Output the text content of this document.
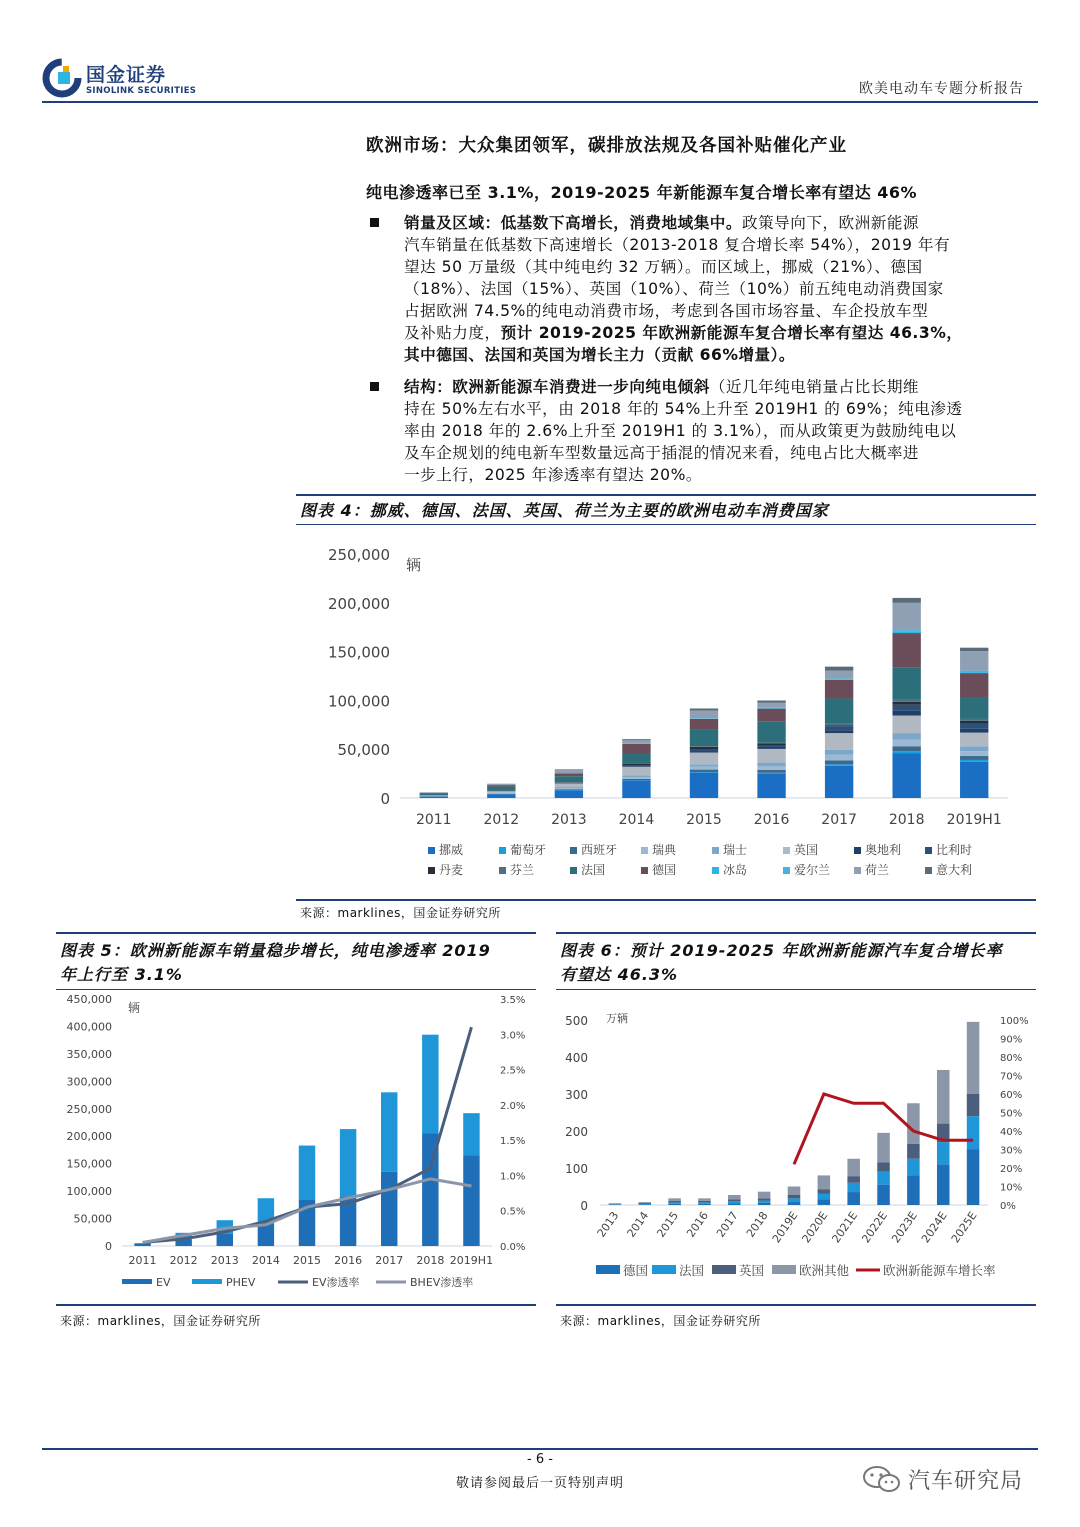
国金证券
SINOLINK SECURITIES	欧美电动车专题分析报告
欧洲市场：大众集团领军，碳排放法规及各国补贴催化产业
纯电渗透率已至 3.1%，2019-2025 年新能源车复合增长率有望达 46%
销量及区域：低基数下高增长，消费地域集中。政策导向下，欧洲新能源
汽车销量在低基数下高速增长（2013-2018 复合增长率 54%），2019 年有
望达 50 万量级（其中纯电约 32 万辆）。而区域上，挪威（21%）、德国
（18%）、法国（15%）、英国（10%）、荷兰（10%）前五纯电动消费国家
占据欧洲 74.5%的纯电动消费市场，考虑到各国市场容量、车企投放车型
及补贴力度，预计 2019-2025 年欧洲新能源车复合增长率有望达 46.3%，
其中德国、法国和英国为增长主力（贡献 66%增量）。
结构：欧洲新能源车消费进一步向纯电倾斜（近几年纯电销量占比长期维
持在 50%左右水平，由 2018 年的 54%上升至 2019H1 的 69%；纯电渗透
率由 2018 年的 2.6%上升至 2019H1 的 3.1%），而从政策更为鼓励纯电以
及车企规划的纯电新车型数量远高于插混的情况来看，纯电占比大概率进
一步上行，2025 年渗透率有望达 20%。
图表 4：挪威、德国、法国、英国、荷兰为主要的欧洲电动车消费国家
250,000
200,000
150,000
100,000
50,000
0
辆
2011 2012 2013 2014 2015 2016 2017 2018 2019H1
挪威	葡萄牙	西班牙	瑞典	瑞士	英国	奥地利	比利时
丹麦	芬兰	法国	德国	冰岛	爱尔兰	荷兰	意大利
来源：marklines，国金证券研究所
图表 5：欧洲新能源车销量稳步增长，纯电渗透率 2019
年上行至 3.1%
450,000
400,000
350,000
300,000
250,000
200,000
150,000
100,000
50,000
0
3.5%
3.0%
2.5%
2.0%
1.5%
1.0%
0.5%
0.0%
辆
2011 2012 2013 2014 2015 2016 2017 2018 2019H1
EV	PHEV	EV渗透率	BHEV渗透率
来源：marklines，国金证券研究所
图表 6：预计 2019-2025 年欧洲新能源汽车复合增长率
有望达 46.3%
500
400
300
200
100
0
100%
90%
80%
70%
60%
50%
40%
30%
20%
10%
0%
万辆
2013 2014 2015 2016 2017 2018 2019E 2020E 2021E 2022E 2023E 2024E 2025E
德国 法国	英国	欧洲其他	欧洲新能源车增长率
来源：marklines，国金证券研究所
- 6 -
敬请参阅最后一页特别声明	汽车研究局
